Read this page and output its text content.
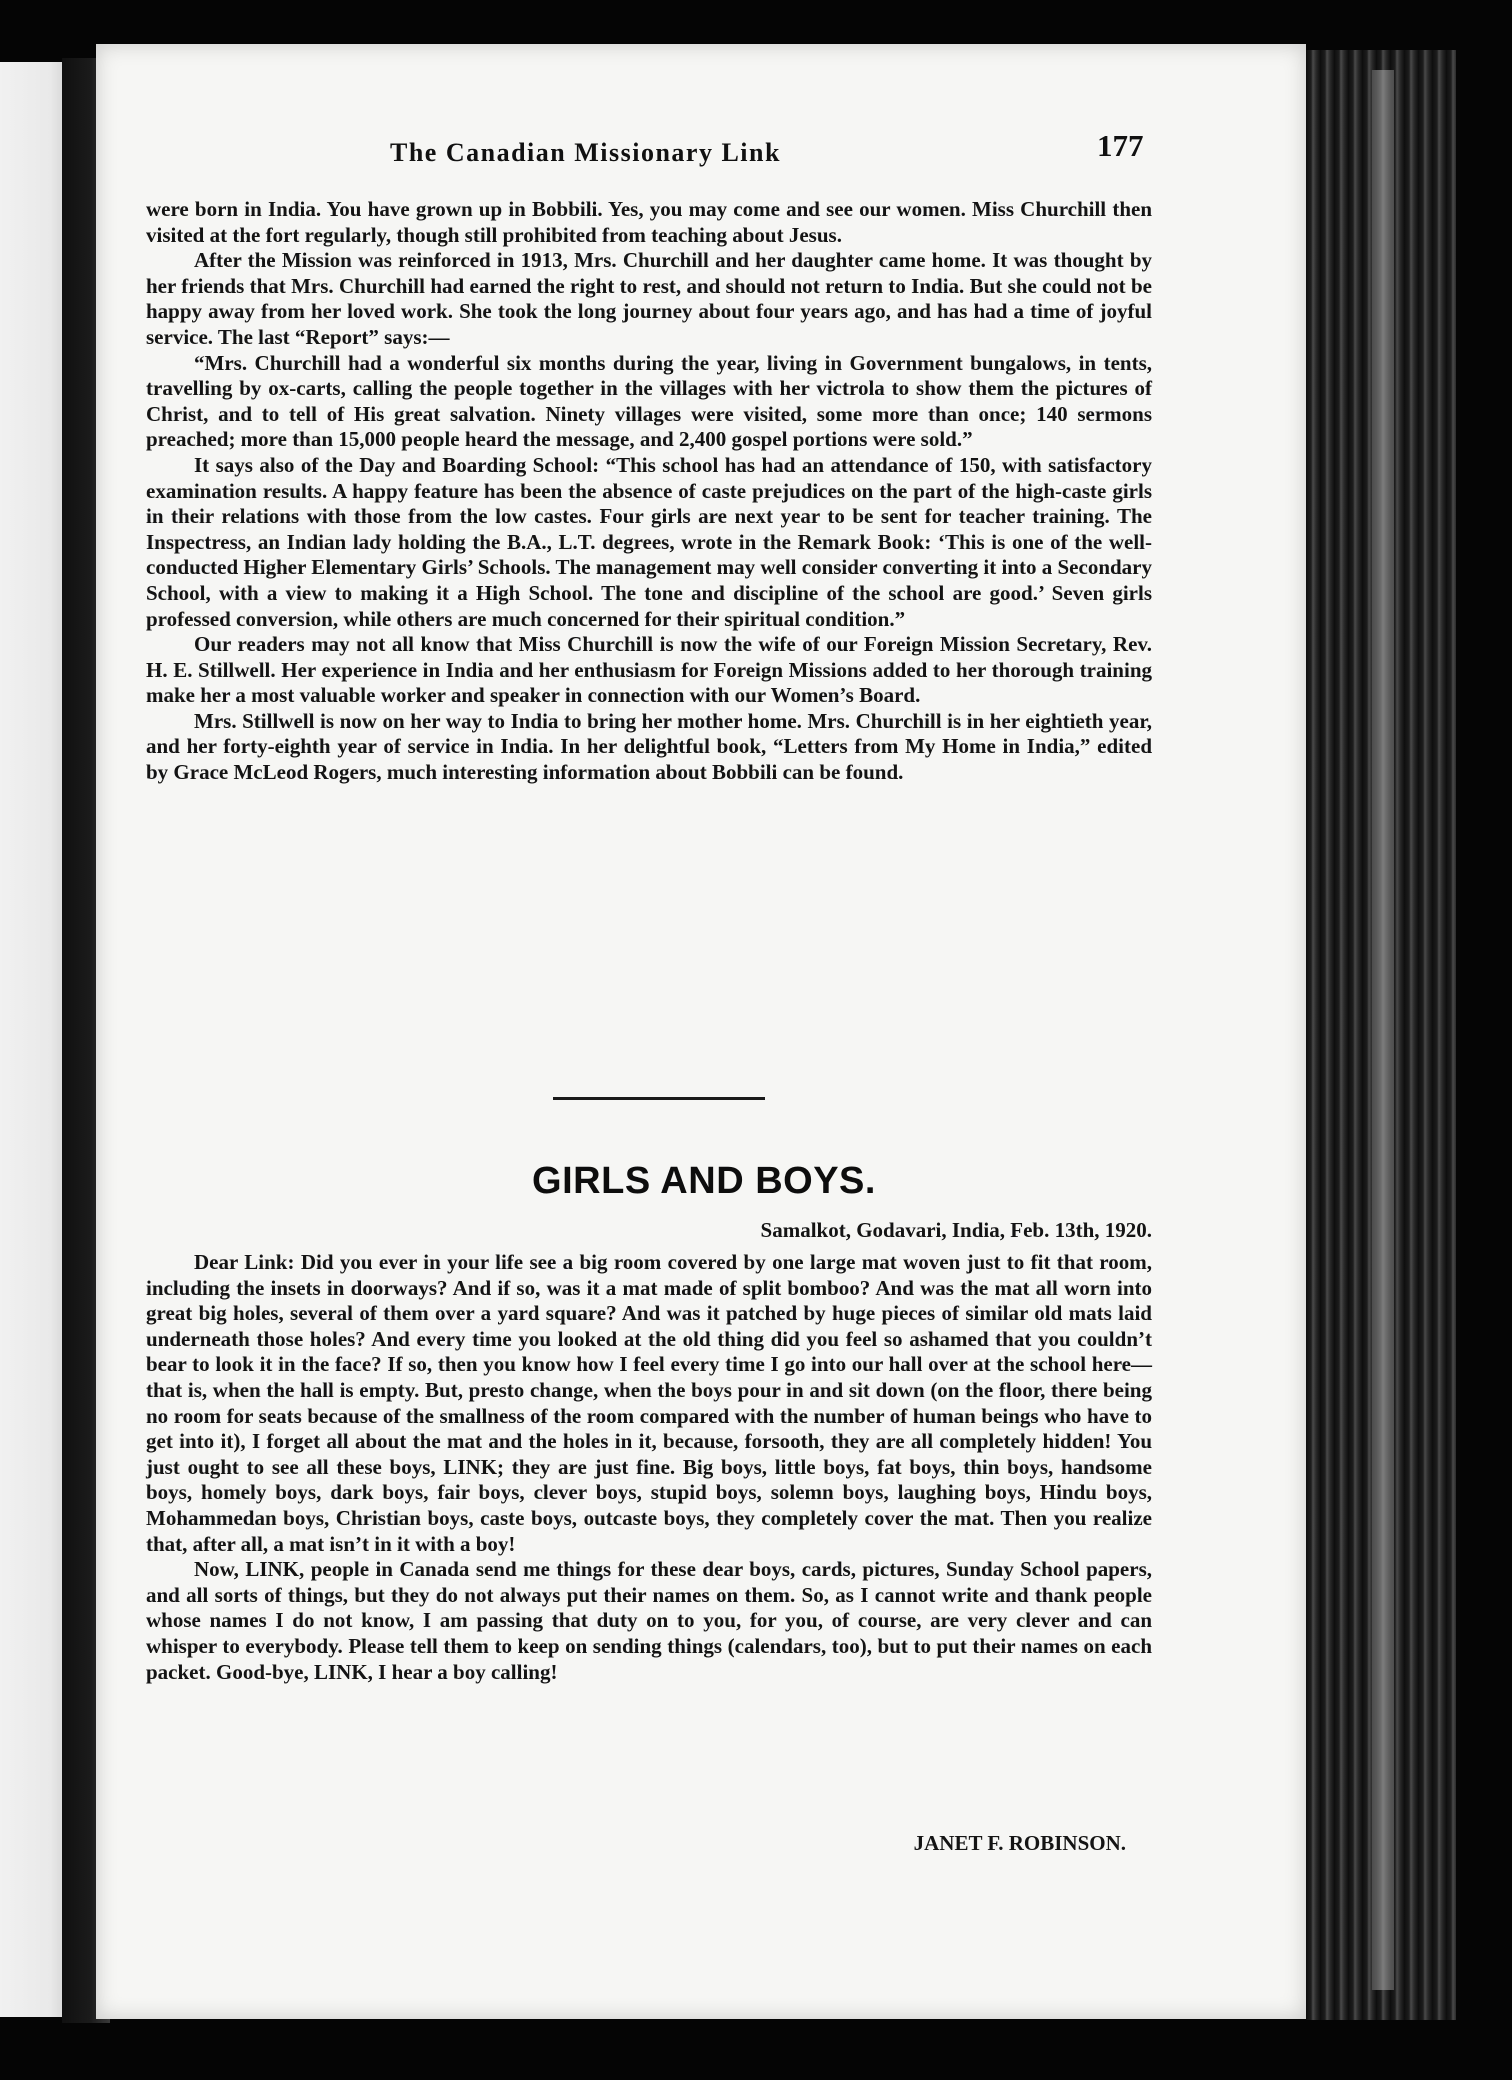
The Canadian Missionary Link	177

were born in India. You have grown up in Bobbili. Yes, you may come and see our women. Miss Churchill then visited at the fort regularly, though still prohibited from teaching about Jesus.

After the Mission was reinforced in 1913, Mrs. Churchill and her daughter came home. It was thought by her friends that Mrs. Churchill had earned the right to rest, and should not return to India. But she could not be happy away from her loved work. She took the long journey about four years ago, and has had a time of joyful service. The last “Report” says:—

“Mrs. Churchill had a wonderful six months during the year, living in Government bungalows, in tents, travelling by ox-carts, calling the people together in the villages with her victrola to show them the pictures of Christ, and to tell of His great salvation. Ninety villages were visited, some more than once; 140 sermons preached; more than 15,000 people heard the message, and 2,400 gospel portions were sold.”

It says also of the Day and Boarding School: “This school has had an attendance of 150, with satisfactory examination results. A happy feature has been the absence of caste prejudices on the part of the high-caste girls in their relations with those from the low castes. Four girls are next year to be sent for teacher training. The Inspectress, an Indian lady holding the B.A., L.T. degrees, wrote in the Remark Book: ‘This is one of the well-conducted Higher Elementary Girls’ Schools. The management may well consider converting it into a Secondary School, with a view to making it a High School. The tone and discipline of the school are good.’ Seven girls professed conversion, while others are much concerned for their spiritual condition.”

Our readers may not all know that Miss Churchill is now the wife of our Foreign Mission Secretary, Rev. H. E. Stillwell. Her experience in India and her enthusiasm for Foreign Missions added to her thorough training make her a most valuable worker and speaker in connection with our Women’s Board.

Mrs. Stillwell is now on her way to India to bring her mother home. Mrs. Churchill is in her eightieth year, and her forty-eighth year of service in India. In her delightful book, “Letters from My Home in India,” edited by Grace McLeod Rogers, much interesting information about Bobbili can be found.

GIRLS AND BOYS.
Samalkot, Godavari, India, Feb. 13th, 1920.

Dear Link: Did you ever in your life see a big room covered by one large mat woven just to fit that room, including the insets in doorways? And if so, was it a mat made of split bomboo? And was the mat all worn into great big holes, several of them over a yard square? And was it patched by huge pieces of similar old mats laid underneath those holes? And every time you looked at the old thing did you feel so ashamed that you couldn’t bear to look it in the face? If so, then you know how I feel every time I go into our hall over at the school here—that is, when the hall is empty. But, presto change, when the boys pour in and sit down (on the floor, there being no room for seats because of the smallness of the room compared with the number of human beings who have to get into it), I forget all about the mat and the holes in it, because, forsooth, they are all completely hidden! You just ought to see all these boys, LINK; they are just fine. Big boys, little boys, fat boys, thin boys, handsome boys, homely boys, dark boys, fair boys, clever boys, stupid boys, solemn boys, laughing boys, Hindu boys, Mohammedan boys, Christian boys, caste boys, outcaste boys, they completely cover the mat. Then you realize that, after all, a mat isn’t in it with a boy!

Now, LINK, people in Canada send me things for these dear boys, cards, pictures, Sunday School papers, and all sorts of things, but they do not always put their names on them. So, as I cannot write and thank people whose names I do not know, I am passing that duty on to you, for you, of course, are very clever and can whisper to everybody. Please tell them to keep on sending things (calendars, too), but to put their names on each packet. Good-bye, LINK, I hear a boy calling!

JANET F. ROBINSON.
